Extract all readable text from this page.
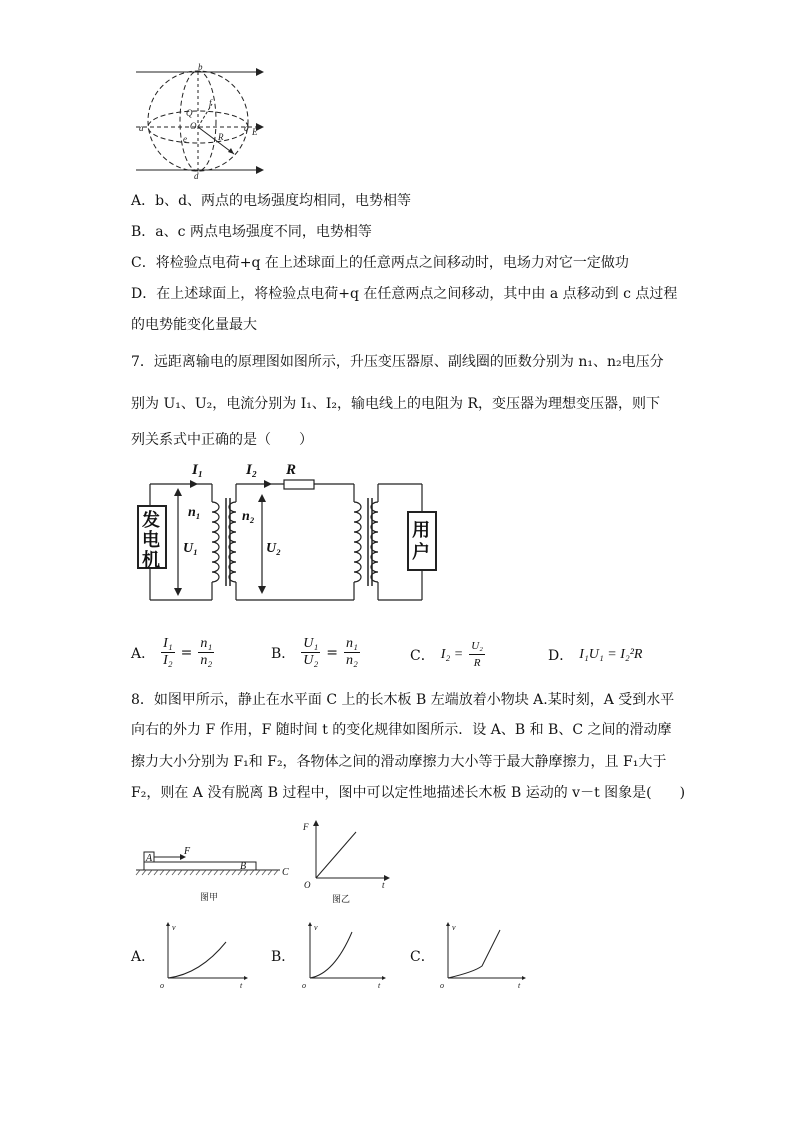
b
a	c E
d
Q
O
e
f
R
A．b、d、两点的电场强度均相同，电势相等
B．a、c 两点电场强度不同，电势相等
C．将检验点电荷+q 在上述球面上的任意两点之间移动时，电场力对它一定做功
D．在上述球面上，将检验点电荷+q 在任意两点之间移动，其中由 a 点移动到 c 点过程
的电势能变化量最大
7．远距离输电的原理图如图所示，升压变压器原、副线圈的匝数分别为 n₁、n₂电压分
别为 U₁、U₂，电流分别为 I₁、I₂，输电线上的电阻为 R，变压器为理想变压器，则下
列关系式中正确的是（　　）
I₁	I₂ R
n₁	n₂
U₁	U₂
发
电
机
用
户
A． $\frac{\text{I₁}}{\text{I₂}} = \frac{\text{n₁}}{\text{n₂}}$	B． $\frac{\text{U₁}}{\text{U₂}} = \frac{\text{n₁}}{\text{n₂}}$	C． $I_2 = \frac{\text{U₂}}{R}$	D． I₁U₁ = I₂²R
8．如图甲所示，静止在水平面 C 上的长木板 B 左端放着小物块 A.某时刻，A 受到水平
向右的外力 F 作用，F 随时间 t 的变化规律如图所示．设 A、B 和 B、C 之间的滑动摩
擦力大小分别为 F₁和 F₂，各物体之间的滑动摩擦力大小等于最大静摩擦力，且 F₁大于
F₂，则在 A 没有脱离 B 过程中，图中可以定性地描述长木板 B 运动的 v－t 图象是(　　)
A
B
C
F
图甲
F
O	t
图乙
A．
v
o	t
B．
v
o	t
C．
v
o	t
